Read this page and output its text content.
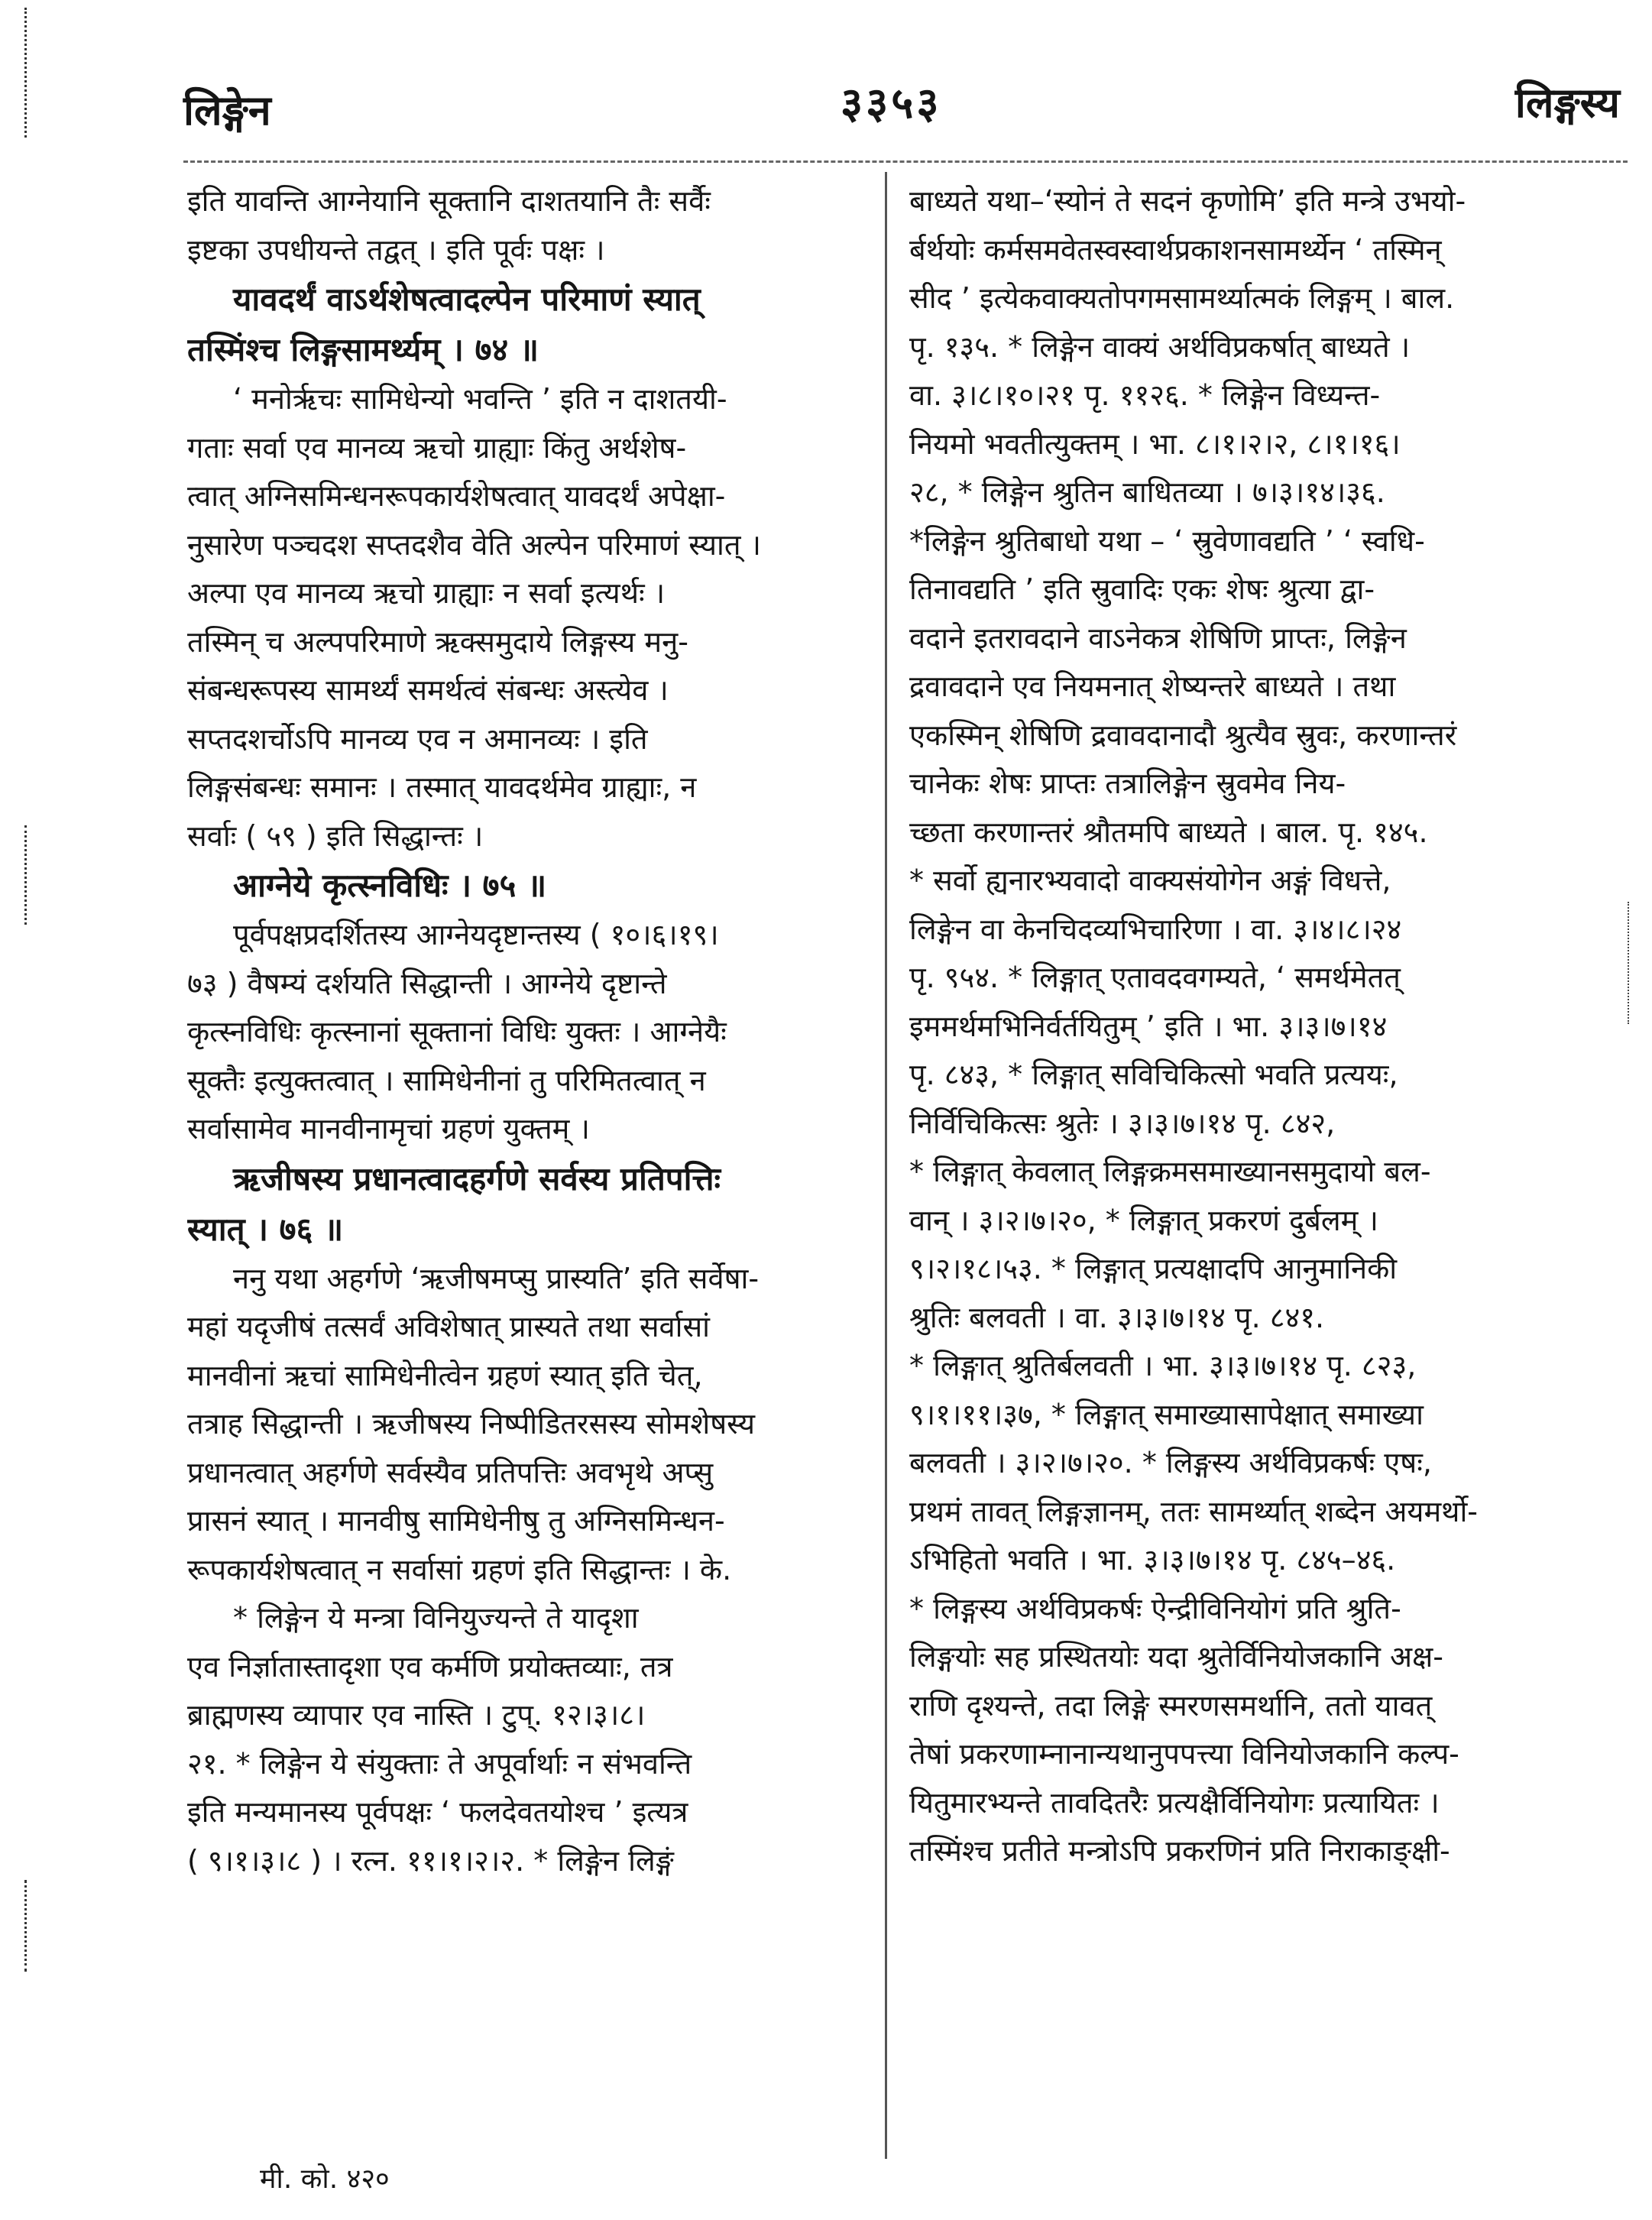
लिङ्गेन	३३५३	लिङ्गस्य
इति यावन्ति आग्नेयानि सूक्तानि दाशतयानि तैः सर्वैः
इष्टका उपधीयन्ते तद्वत् । इति पूर्वः पक्षः ।
यावदर्थं वाऽर्थशेषत्वादल्पेन परिमाणं स्यात्
तस्मिंश्च लिङ्गसामर्थ्यम् । ७४ ॥
‘ मनोर्ऋचः सामिधेन्यो भवन्ति ’ इति न दाशतयी-
गताः सर्वा एव मानव्य ऋचो ग्राह्याः किंतु अर्थशेष-
त्वात् अग्निसमिन्धनरूपकार्यशेषत्वात् यावदर्थं अपेक्षा-
नुसारेण पञ्चदश सप्तदशैव वेति अल्पेन परिमाणं स्यात् ।
अल्पा एव मानव्य ऋचो ग्राह्याः न सर्वा इत्यर्थः ।
तस्मिन् च अल्पपरिमाणे ऋक्समुदाये लिङ्गस्य मनु-
संबन्धरूपस्य सामर्थ्यं समर्थत्वं संबन्धः अस्त्येव ।
सप्तदशर्चोऽपि मानव्य एव न अमानव्यः । इति
लिङ्गसंबन्धः समानः । तस्मात् यावदर्थमेव ग्राह्याः, न
सर्वाः ( ५९ ) इति सिद्धान्तः ।
आग्नेये कृत्स्नविधिः । ७५ ॥
पूर्वपक्षप्रदर्शितस्य आग्नेयदृष्टान्तस्य ( १०।६।१९।
७३ ) वैषम्यं दर्शयति सिद्धान्ती । आग्नेये दृष्टान्ते
कृत्स्नविधिः कृत्स्नानां सूक्तानां विधिः युक्तः । आग्नेयैः
सूक्तैः इत्युक्तत्वात् । सामिधेनीनां तु परिमितत्वात् न
सर्वासामेव मानवीनामृचां ग्रहणं युक्तम् ।
ऋजीषस्य प्रधानत्वादहर्गणे सर्वस्य प्रतिपत्तिः
स्यात् । ७६ ॥
ननु यथा अहर्गणे ‘ऋजीषमप्सु प्रास्यति’ इति सर्वेषा-
महां यदृजीषं तत्सर्वं अविशेषात् प्रास्यते तथा सर्वासां
मानवीनां ऋचां सामिधेनीत्वेन ग्रहणं स्यात् इति चेत्,
तत्राह सिद्धान्ती । ऋजीषस्य निष्पीडितरसस्य सोमशेषस्य
प्रधानत्वात् अहर्गणे सर्वस्यैव प्रतिपत्तिः अवभृथे अप्सु
प्रासनं स्यात् । मानवीषु सामिधेनीषु तु अग्निसमिन्धन-
रूपकार्यशेषत्वात् न सर्वासां ग्रहणं इति सिद्धान्तः । के.
* लिङ्गेन ये मन्त्रा विनियुज्यन्ते ते यादृशा
एव निर्ज्ञातास्तादृशा एव कर्मणि प्रयोक्तव्याः, तत्र
ब्राह्मणस्य व्यापार एव नास्ति । टुप्. १२।३।८।
२१. * लिङ्गेन ये संयुक्ताः ते अपूर्वार्थाः न संभवन्ति
इति मन्यमानस्य पूर्वपक्षः ‘ फलदेवतयोश्च ’ इत्यत्र
( ९।१।३।८ ) । रत्न. ११।१।२।२. * लिङ्गेन लिङ्गं
बाध्यते यथा–‘स्योनं ते सदनं कृणोमि’ इति मन्त्रे उभयो-
र्बर्थयोः कर्मसमवेतस्वस्वार्थप्रकाशनसामर्थ्येन ‘ तस्मिन्
सीद ’ इत्येकवाक्यतोपगमसामर्थ्यात्मकं लिङ्गम् । बाल.
पृ. १३५. * लिङ्गेन वाक्यं अर्थविप्रकर्षात् बाध्यते ।
वा. ३।८।१०।२१ पृ. ११२६. * लिङ्गेन विध्यन्त-
नियमो भवतीत्युक्तम् । भा. ८।१।२।२, ८।१।१६।
२८, * लिङ्गेन श्रुतिन बाधितव्या । ७।३।१४।३६.
*लिङ्गेन श्रुतिबाधो यथा – ‘ स्रुवेणावद्यति ’ ‘ स्वधि-
तिनावद्यति ’ इति स्रुवादिः एकः शेषः श्रुत्या द्वा-
वदाने इतरावदाने वाऽनेकत्र शेषिणि प्राप्तः, लिङ्गेन
द्रवावदाने एव नियमनात् शेष्यन्तरे बाध्यते । तथा
एकस्मिन् शेषिणि द्रवावदानादौ श्रुत्यैव स्रुवः, करणान्तरं
चानेकः शेषः प्राप्तः तत्रालिङ्गेन स्रुवमेव निय-
च्छता करणान्तरं श्रौतमपि बाध्यते । बाल. पृ. १४५.
* सर्वो ह्यनारभ्यवादो वाक्यसंयोगेन अङ्गं विधत्ते,
लिङ्गेन वा केनचिदव्यभिचारिणा । वा. ३।४।८।२४
पृ. ९५४. * लिङ्गात् एतावदवगम्यते, ‘ समर्थमेतत्
इममर्थमभिनिर्वर्तयितुम् ’ इति । भा. ३।३।७।१४
पृ. ८४३, * लिङ्गात् सविचिकित्सो भवति प्रत्ययः,
निर्विचिकित्सः श्रुतेः । ३।३।७।१४ पृ. ८४२,
* लिङ्गात् केवलात् लिङ्गक्रमसमाख्यानसमुदायो बल-
वान् । ३।२।७।२०, * लिङ्गात् प्रकरणं दुर्बलम् ।
९।२।१८।५३. * लिङ्गात् प्रत्यक्षादपि आनुमानिकी
श्रुतिः बलवती । वा. ३।३।७।१४ पृ. ८४१.
* लिङ्गात् श्रुतिर्बलवती । भा. ३।३।७।१४ पृ. ८२३,
९।१।११।३७, * लिङ्गात् समाख्यासापेक्षात् समाख्या
बलवती । ३।२।७।२०. * लिङ्गस्य अर्थविप्रकर्षः एषः,
प्रथमं तावत् लिङ्गज्ञानम्, ततः सामर्थ्यात् शब्देन अयमर्थो-
ऽभिहितो भवति । भा. ३।३।७।१४ पृ. ८४५–४६.
* लिङ्गस्य अर्थविप्रकर्षः ऐन्द्रीविनियोगं प्रति श्रुति-
लिङ्गयोः सह प्रस्थितयोः यदा श्रुतेर्विनियोजकानि अक्ष-
राणि दृश्यन्ते, तदा लिङ्गे स्मरणसमर्थानि, ततो यावत्
तेषां प्रकरणाम्नानान्यथानुपपत्त्या विनियोजकानि कल्प-
यितुमारभ्यन्ते तावदितरैः प्रत्यक्षैर्विनियोगः प्रत्यायितः ।
तस्मिंश्च प्रतीते मन्त्रोऽपि प्रकरणिनं प्रति निराकाङ्क्षी-
मी. को. ४२०
